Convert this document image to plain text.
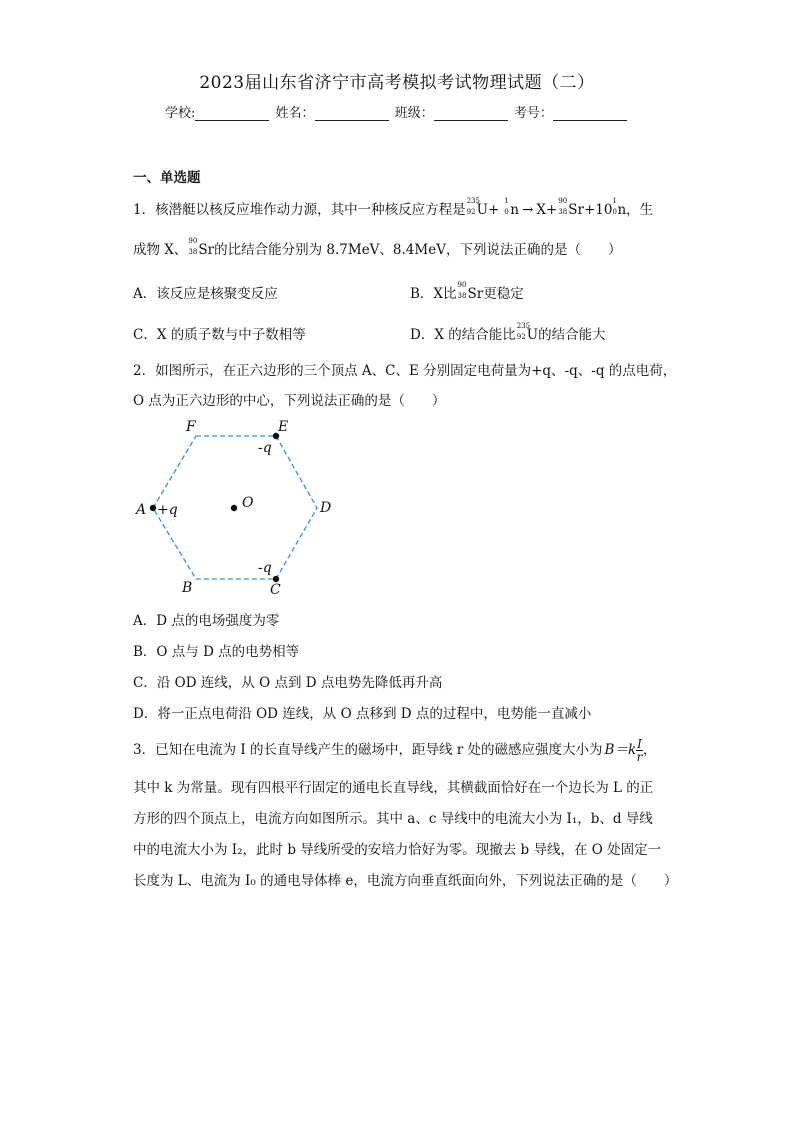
2023届山东省济宁市高考模拟考试物理试题（二）
学校:	姓名：	班级：	考号：
一、单选题
1．核潜艇以核反应堆作动力源，其中一种核反应方程是
235
92 U+
1
0 n → X+
90
38 Sr+10
1
0 n，生
成物 X、
90
38 Sr的比结合能分别为 8.7MeV、8.4MeV，下列说法正确的是（　　）
A．该反应是核聚变反应	B．X比
90
38 Sr更稳定
C．X 的质子数与中子数相等	D．X 的结合能比
235
92 U的结合能大
2．如图所示，在正六边形的三个顶点 A、C、E 分别固定电荷量为+q、-q、-q 的点电荷，
O 点为正六边形的中心，下列说法正确的是（　　）
F	E
D
A
B	C
O
-q
+q
-q
A．D 点的电场强度为零
B．O 点与 D 点的电势相等
C．沿 OD 连线，从 O 点到 D 点电势先降低再升高
D．将一正点电荷沿 OD 连线，从 O 点移到 D 点的过程中，电势能一直减小
3．已知在电流为 I 的长直导线产生的磁场中，距导线 r 处的磁感应强度大小为 $B=k \frac{I}{r}$ ，
其中 k 为常量。现有四根平行固定的通电长直导线，其横截面恰好在一个边长为 L 的正
方形的四个顶点上，电流方向如图所示。其中 a、c 导线中的电流大小为 I₁，b、d 导线
中的电流大小为 I₂，此时 b 导线所受的安培力恰好为零。现撤去 b 导线，在 O 处固定一
长度为 L、电流为 I₀ 的通电导体棒 e，电流方向垂直纸面向外，下列说法正确的是（　　）
